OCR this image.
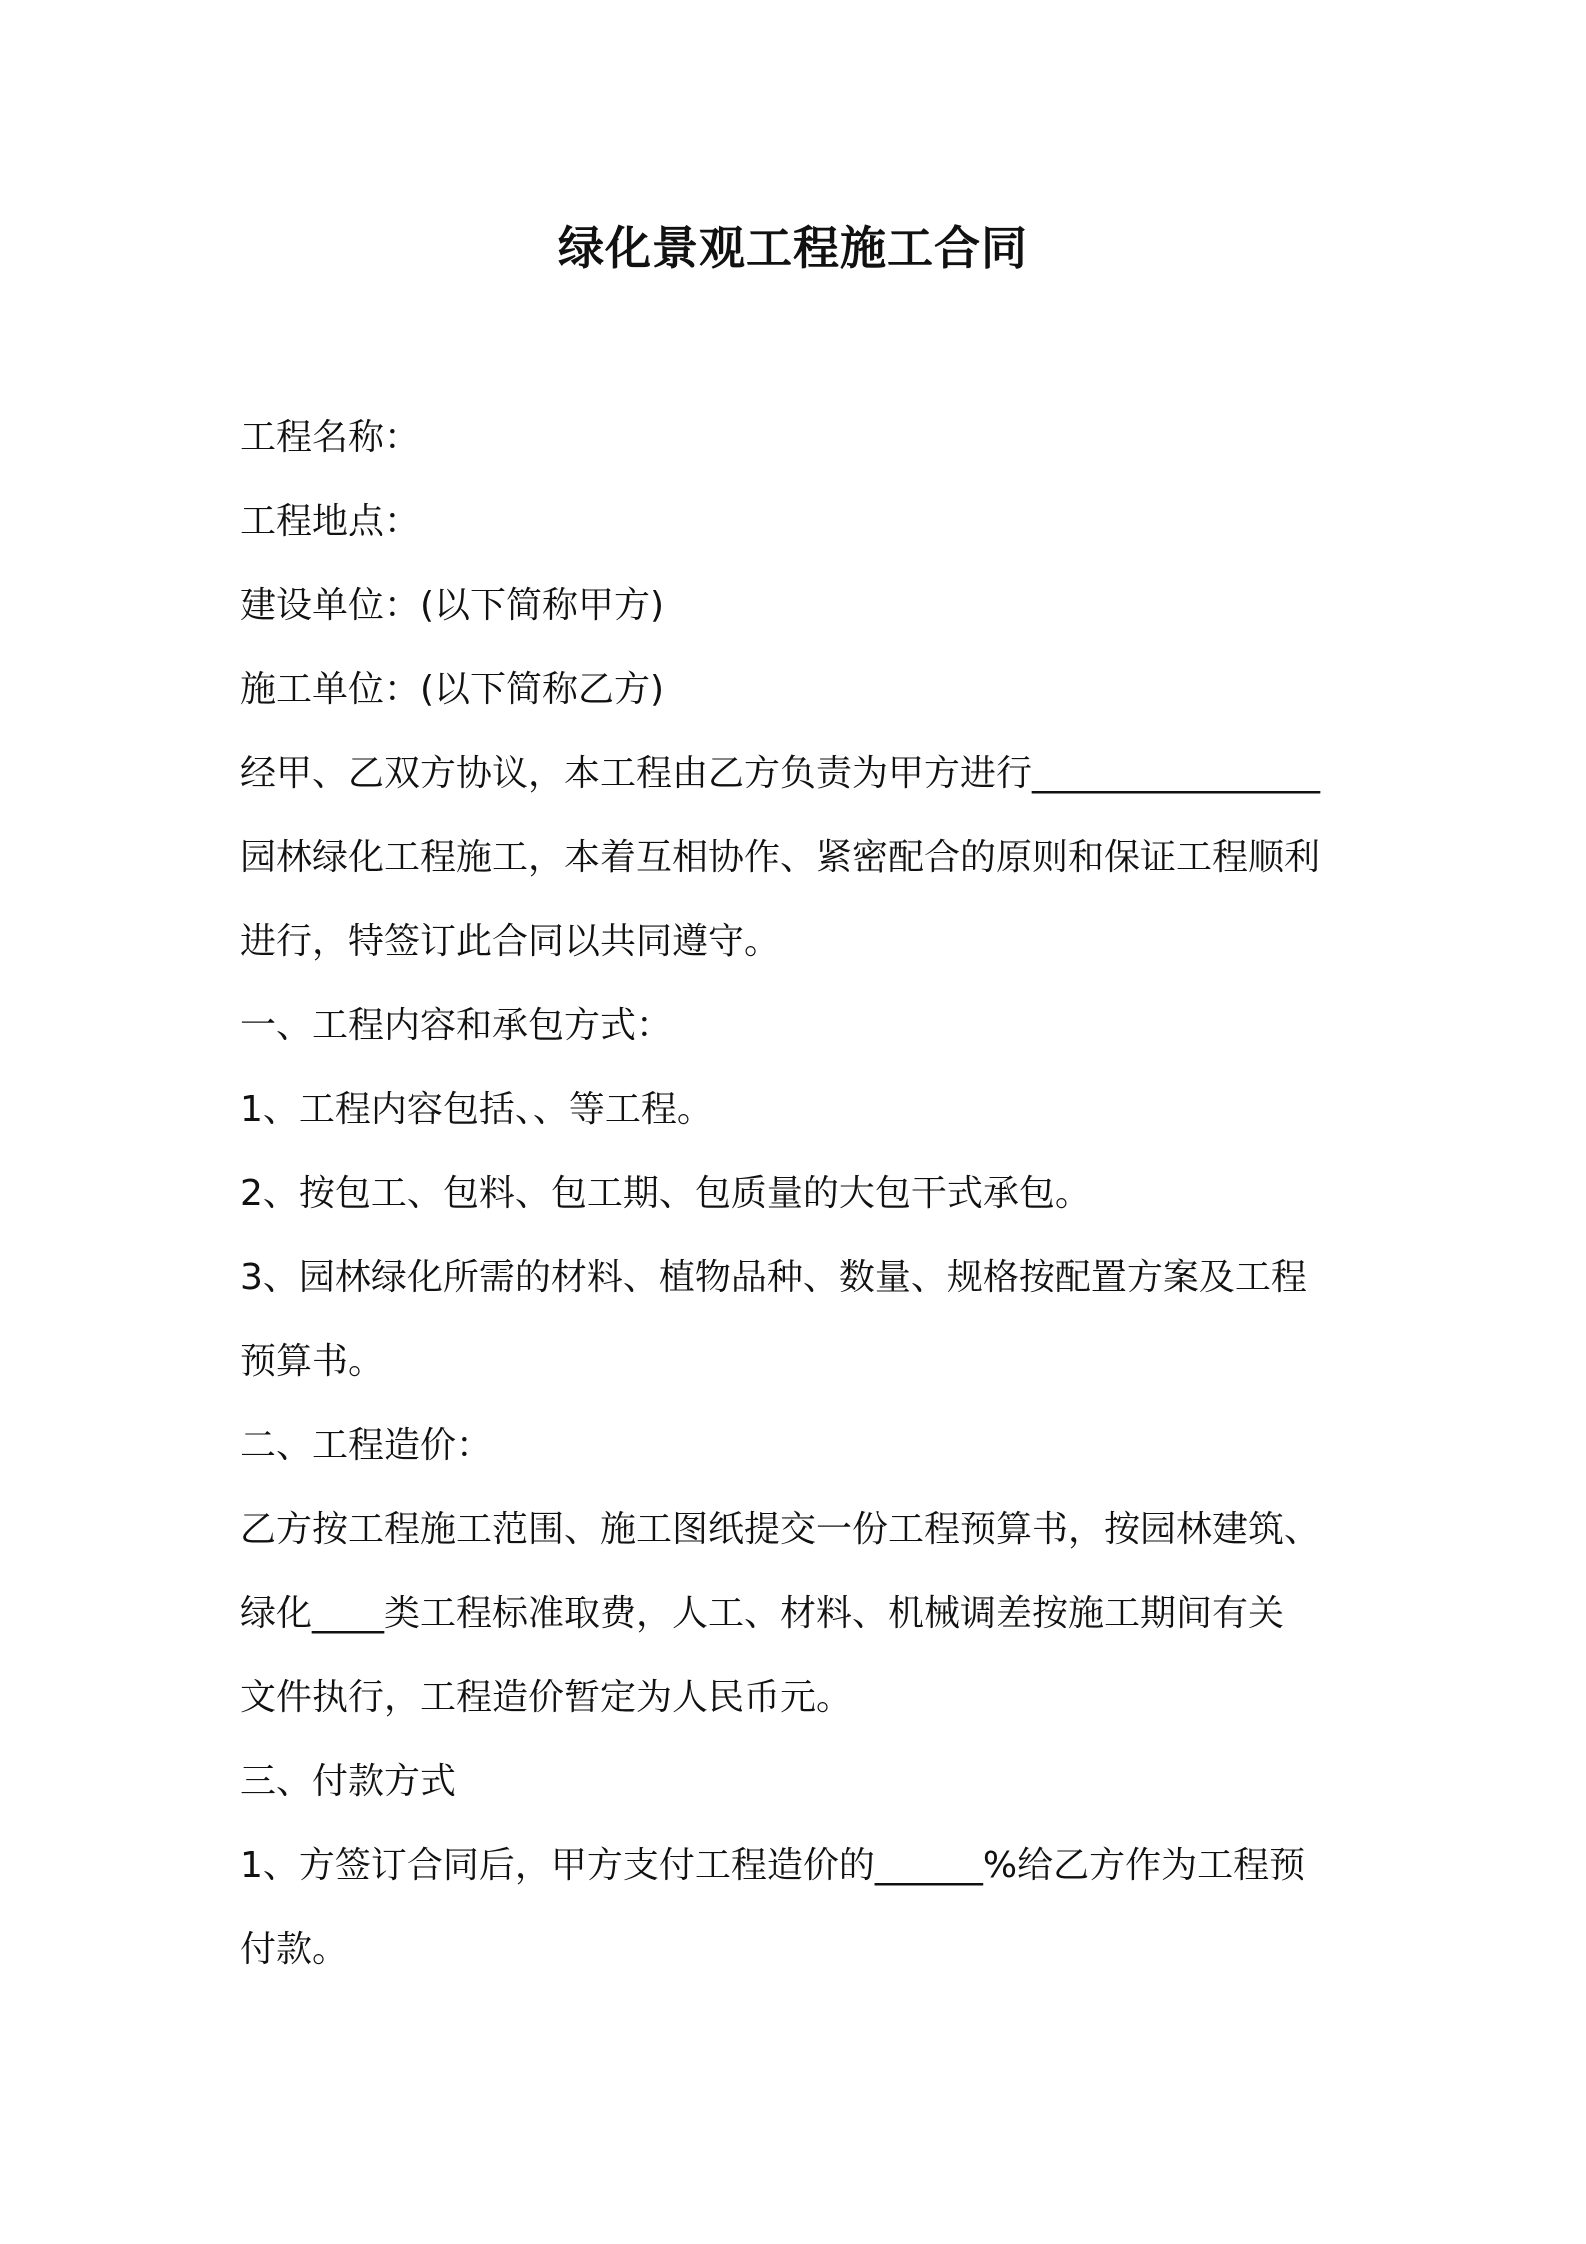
绿化景观工程施工合同
工程名称：
工程地点：
建设单位：(以下简称甲方)
施工单位：(以下简称乙方)
经甲、乙双方协议，本工程由乙方负责为甲方进行________________
园林绿化工程施工，本着互相协作、紧密配合的原则和保证工程顺利
进行，特签订此合同以共同遵守。
一、工程内容和承包方式：
1、工程内容包括、、等工程。
2、按包工、包料、包工期、包质量的大包干式承包。
3、园林绿化所需的材料、植物品种、数量、规格按配置方案及工程
预算书。
二、工程造价：
乙方按工程施工范围、施工图纸提交一份工程预算书，按园林建筑、
绿化____类工程标准取费，人工、材料、机械调差按施工期间有关
文件执行，工程造价暂定为人民币元。
三、付款方式
1、方签订合同后，甲方支付工程造价的______%给乙方作为工程预
付款。
